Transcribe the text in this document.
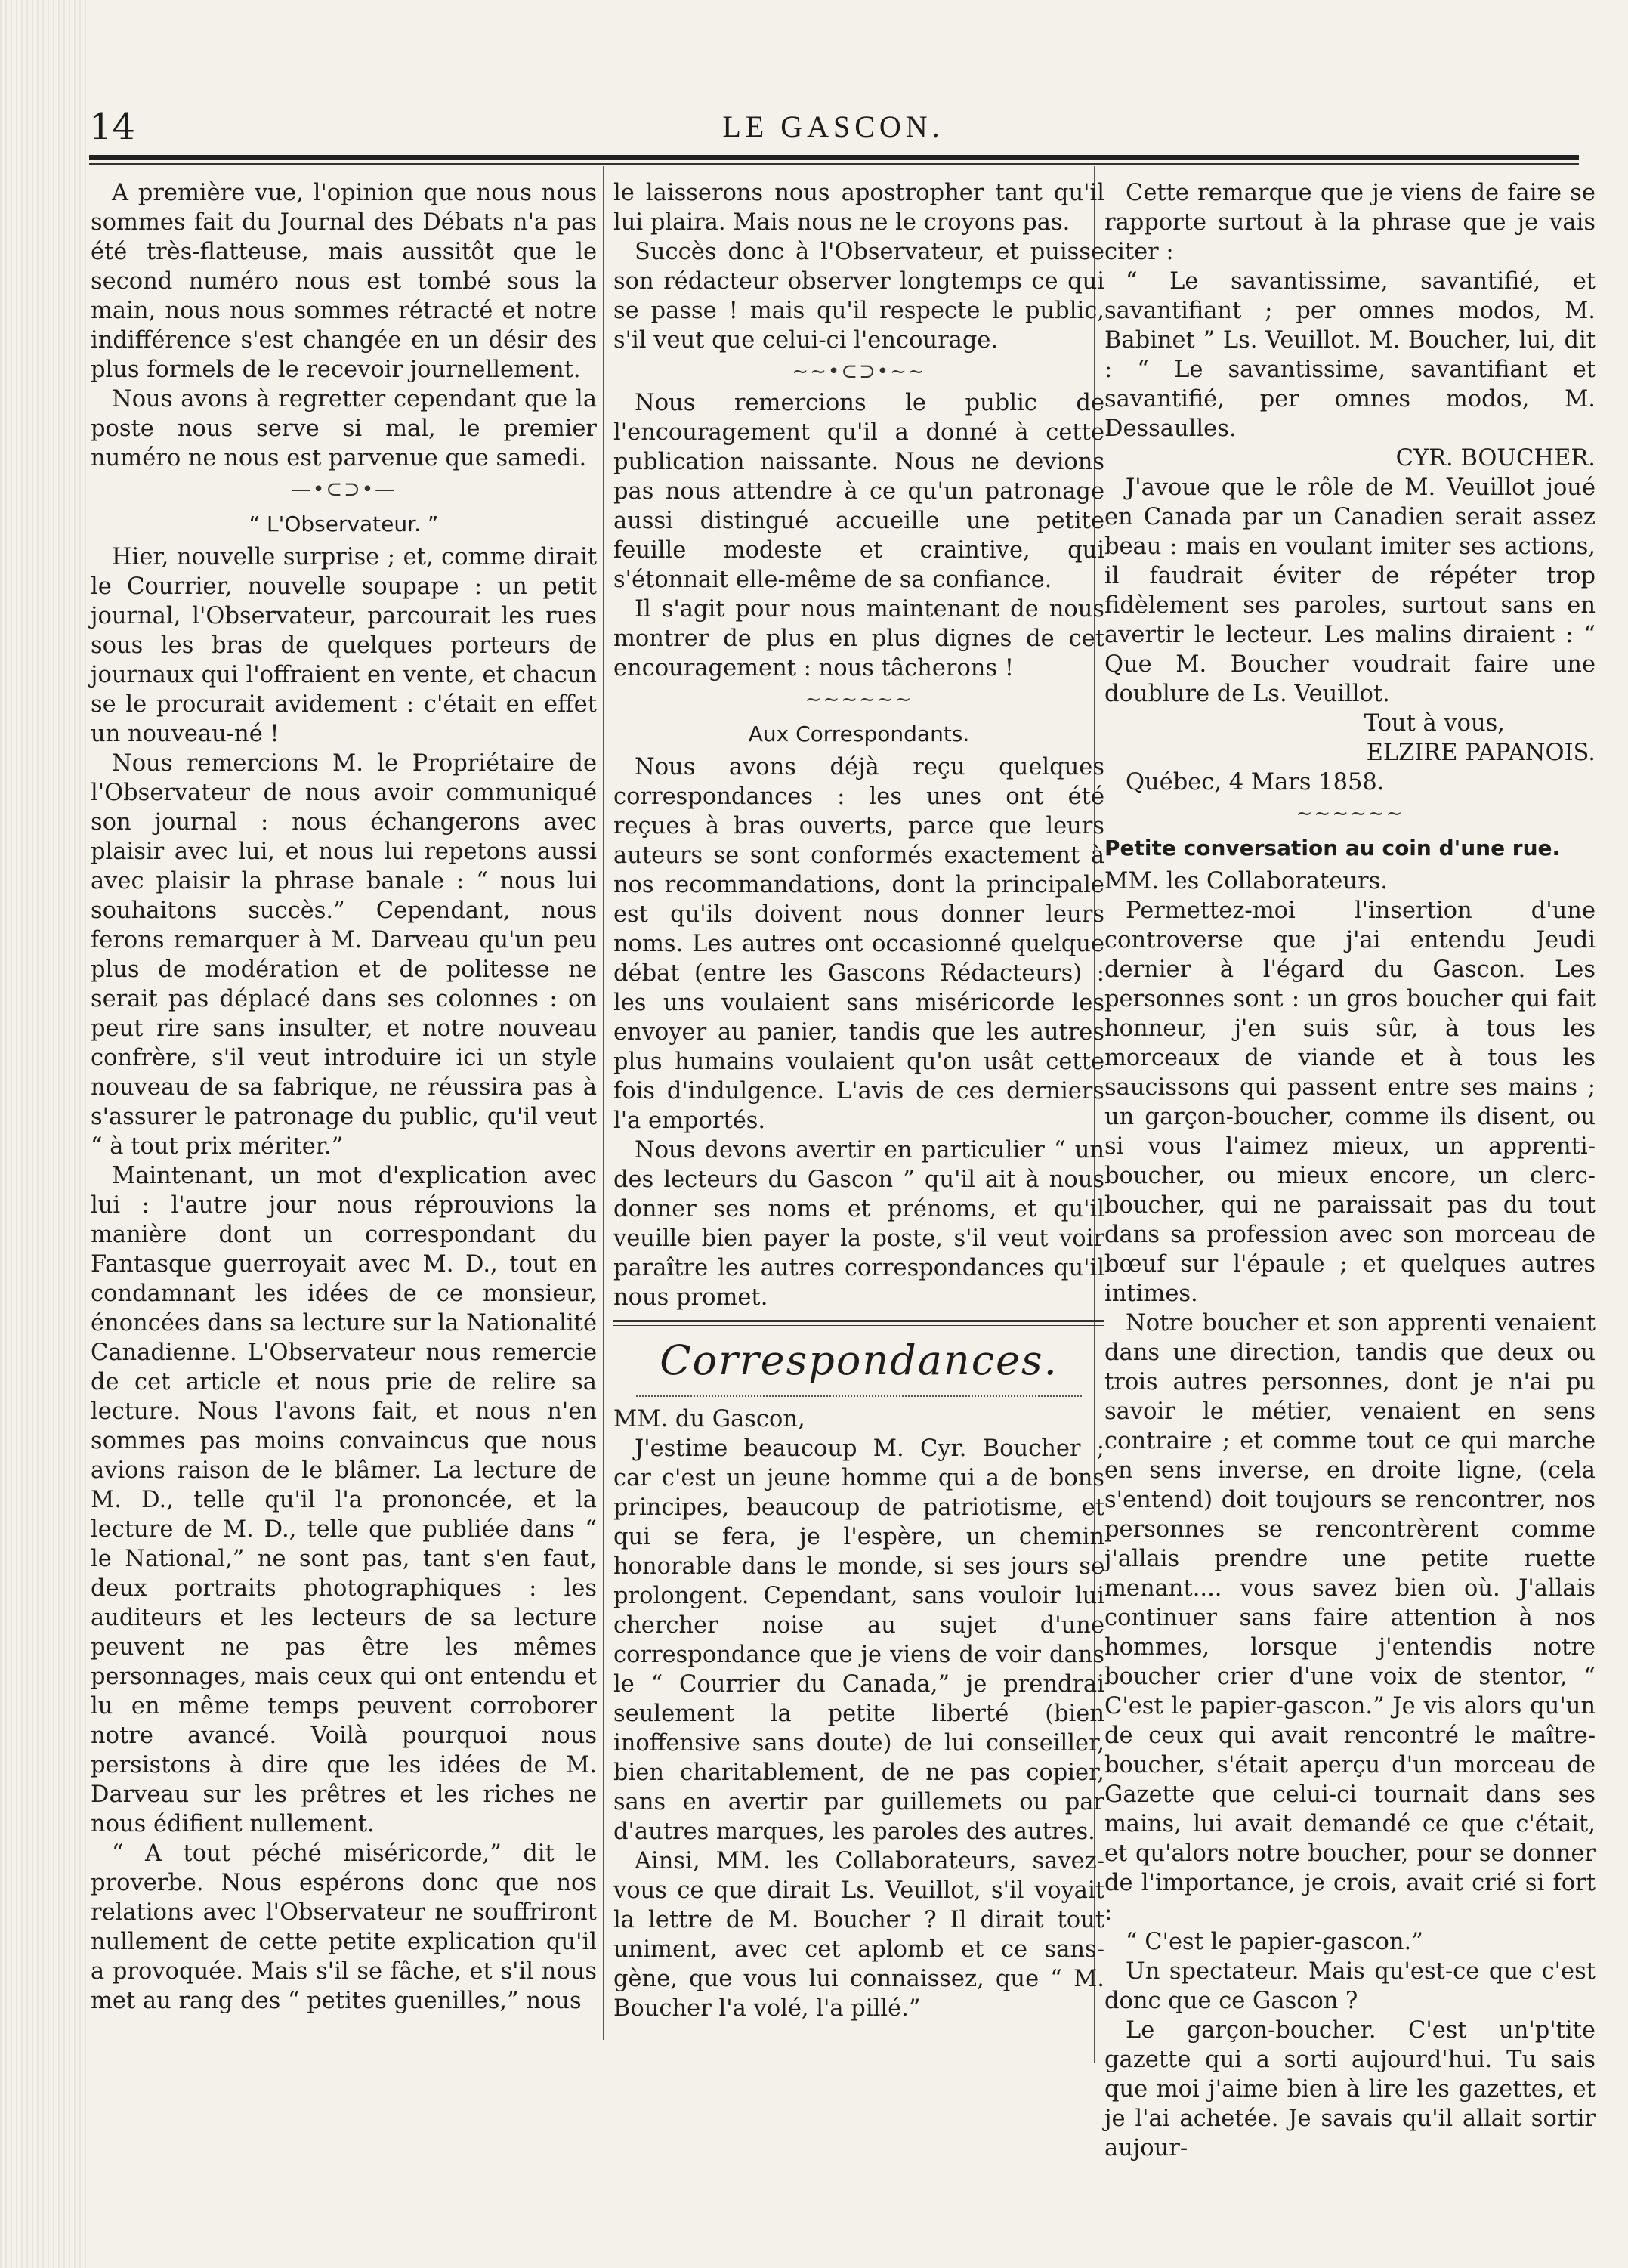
14	LE GASCON.

A première vue, l'opinion que nous nous sommes fait du Journal des Débats n'a pas été très-flatteuse, mais aussitôt que le second numéro nous est tombé sous la main, nous nous sommes rétracté et notre indifférence s'est changée en un désir des plus formels de le recevoir journellement.

Nous avons à regretter cependant que la poste nous serve si mal, le premier numéro ne nous est parvenue que samedi.

—•⊂⊃•—
“ L'Observateur. ”

Hier, nouvelle surprise ; et, comme dirait le Courrier, nouvelle soupape : un petit journal, l'Observateur, parcourait les rues sous les bras de quelques porteurs de journaux qui l'offraient en vente, et chacun se le procurait avidement : c'était en effet un nouveau-né !

Nous remercions M. le Propriétaire de l'Observateur de nous avoir communiqué son journal : nous échangerons avec plaisir avec lui, et nous lui repetons aussi avec plaisir la phrase banale : “ nous lui souhaitons succès.” Cependant, nous ferons remarquer à M. Darveau qu'un peu plus de modération et de politesse ne serait pas déplacé dans ses colonnes : on peut rire sans insulter, et notre nouveau confrère, s'il veut introduire ici un style nouveau de sa fabrique, ne réussira pas à s'assurer le patronage du public, qu'il veut “ à tout prix mériter.”

Maintenant, un mot d'explication avec lui : l'autre jour nous réprouvions la manière dont un correspondant du Fantasque guerroyait avec M. D., tout en condamnant les idées de ce monsieur, énoncées dans sa lecture sur la Nationalité Canadienne. L'Observateur nous remercie de cet article et nous prie de relire sa lecture. Nous l'avons fait, et nous n'en sommes pas moins convaincus que nous avions raison de le blâmer. La lecture de M. D., telle qu'il l'a prononcée, et la lecture de M. D., telle que publiée dans “ le National,” ne sont pas, tant s'en faut, deux portraits photographiques : les auditeurs et les lecteurs de sa lecture peuvent ne pas être les mêmes personnages, mais ceux qui ont entendu et lu en même temps peuvent corroborer notre avancé. Voilà pourquoi nous persistons à dire que les idées de M. Darveau sur les prêtres et les riches ne nous édifient nullement.

“ A tout péché miséricorde,” dit le proverbe. Nous espérons donc que nos relations avec l'Observateur ne souffriront nullement de cette petite explication qu'il a provoquée. Mais s'il se fâche, et s'il nous met au rang des “ petites guenilles,” nous

le laisserons nous apostropher tant qu'il lui plaira. Mais nous ne le croyons pas.

Succès donc à l'Observateur, et puisse son rédacteur observer longtemps ce qui se passe ! mais qu'il respecte le public, s'il veut que celui-ci l'encourage.

~~•⊂⊃•~~

Nous remercions le public de l'encouragement qu'il a donné à cette publication naissante. Nous ne devions pas nous attendre à ce qu'un patronage aussi distingué accueille une petite feuille modeste et craintive, qui s'étonnait elle-même de sa confiance.

Il s'agit pour nous maintenant de nous montrer de plus en plus dignes de cet encouragement : nous tâcherons !

~~~~~~
Aux Correspondants.

Nous avons déjà reçu quelques correspondances : les unes ont été reçues à bras ouverts, parce que leurs auteurs se sont conformés exactement à nos recommandations, dont la principale est qu'ils doivent nous donner leurs noms. Les autres ont occasionné quelque débat (entre les Gascons Rédacteurs) : les uns voulaient sans miséricorde les envoyer au panier, tandis que les autres plus humains voulaient qu'on usât cette fois d'indulgence. L'avis de ces derniers l'a emportés.

Nous devons avertir en particulier “ un des lecteurs du Gascon ” qu'il ait à nous donner ses noms et prénoms, et qu'il veuille bien payer la poste, s'il veut voir paraître les autres correspondances qu'il nous promet.

Correspondances.

MM. du Gascon,

J'estime beaucoup M. Cyr. Boucher ; car c'est un jeune homme qui a de bons principes, beaucoup de patriotisme, et qui se fera, je l'espère, un chemin honorable dans le monde, si ses jours se prolongent. Cependant, sans vouloir lui chercher noise au sujet d'une correspondance que je viens de voir dans le “ Courrier du Canada,” je prendrai seulement la petite liberté (bien inoffensive sans doute) de lui conseiller, bien charitablement, de ne pas copier, sans en avertir par guillemets ou par d'autres marques, les paroles des autres.

Ainsi, MM. les Collaborateurs, savez-vous ce que dirait Ls. Veuillot, s'il voyait la lettre de M. Boucher ? Il dirait tout uniment, avec cet aplomb et ce sans-gène, que vous lui connaissez, que “ M. Boucher l'a volé, l'a pillé.”

Cette remarque que je viens de faire se rapporte surtout à la phrase que je vais citer :

“ Le savantissime, savantifié, et savantifiant ; per omnes modos, M. Babinet ” Ls. Veuillot. M. Boucher, lui, dit : “ Le savantissime, savantifiant et savantifié, per omnes modos, M. Dessaulles.

CYR. BOUCHER.

J'avoue que le rôle de M. Veuillot joué en Canada par un Canadien serait assez beau : mais en voulant imiter ses actions, il faudrait éviter de répéter trop fidèlement ses paroles, surtout sans en avertir le lecteur. Les malins diraient : “ Que M. Boucher voudrait faire une doublure de Ls. Veuillot.

Tout à vous,

ELZIRE PAPANOIS.

Québec, 4 Mars 1858.

~~~~~~
Petite conversation au coin d'une rue.

MM. les Collaborateurs.

Permettez-moi l'insertion d'une controverse que j'ai entendu Jeudi dernier à l'égard du Gascon. Les personnes sont : un gros boucher qui fait honneur, j'en suis sûr, à tous les morceaux de viande et à tous les saucissons qui passent entre ses mains ; un garçon-boucher, comme ils disent, ou si vous l'aimez mieux, un apprenti-boucher, ou mieux encore, un clerc-boucher, qui ne paraissait pas du tout dans sa profession avec son morceau de bœuf sur l'épaule ; et quelques autres intimes.

Notre boucher et son apprenti venaient dans une direction, tandis que deux ou trois autres personnes, dont je n'ai pu savoir le métier, venaient en sens contraire ; et comme tout ce qui marche en sens inverse, en droite ligne, (cela s'entend) doit toujours se rencontrer, nos personnes se rencontrèrent comme j'allais prendre une petite ruette menant.... vous savez bien où. J'allais continuer sans faire attention à nos hommes, lorsque j'entendis notre boucher crier d'une voix de stentor, “ C'est le papier-gascon.” Je vis alors qu'un de ceux qui avait rencontré le maître-boucher, s'était aperçu d'un morceau de Gazette que celui-ci tournait dans ses mains, lui avait demandé ce que c'était, et qu'alors notre boucher, pour se donner de l'importance, je crois, avait crié si fort :

“ C'est le papier-gascon.”

Un spectateur. Mais qu'est-ce que c'est donc que ce Gascon ?

Le garçon-boucher. C'est un'p'tite gazette qui a sorti aujourd'hui. Tu sais que moi j'aime bien à lire les gazettes, et je l'ai achetée. Je savais qu'il allait sortir aujour-
